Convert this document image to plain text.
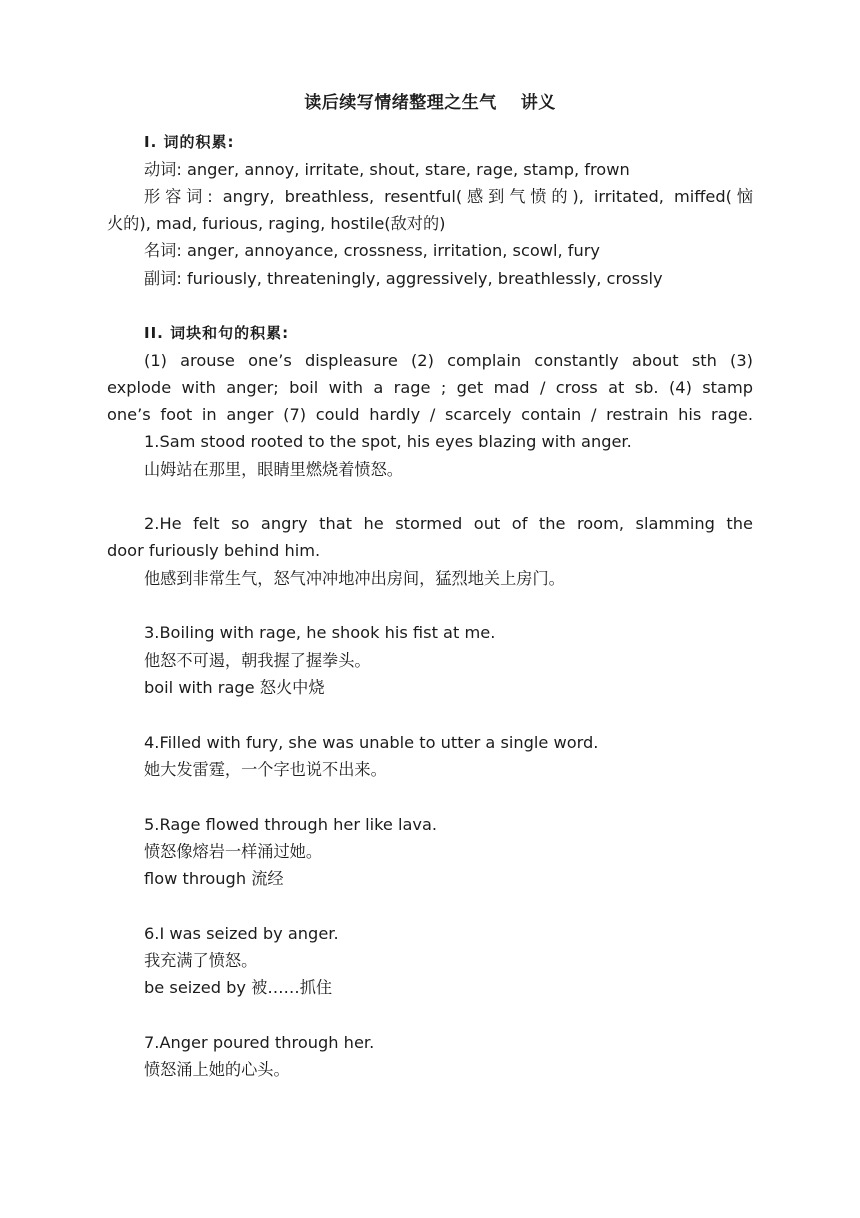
读后续写情绪整理之生气　 讲义
Ⅰ. 词的积累:
动词: anger, annoy, irritate, shout, stare, rage, stamp, frown
形容词: angry, breathless, resentful(感到气愤的), irritated, miffed(恼
火的), mad, furious, raging, hostile(敌对的)
名词: anger, annoyance, crossness, irritation, scowl, fury
副词: furiously, threateningly, aggressively, breathlessly, crossly
II. 词块和句的积累:
(1) arouse one’s displeasure (2) complain constantly about sth (3)
explode with anger; boil with a rage ; get mad / cross at sb. (4) stamp
one’s foot in anger (7) could hardly / scarcely contain / restrain his rage.
1.Sam stood rooted to the spot, his eyes blazing with anger.
山姆站在那里，眼睛里燃烧着愤怒。
2.He felt so angry that he stormed out of the room, slamming the
door furiously behind him.
他感到非常生气，怒气冲冲地冲出房间，猛烈地关上房门。
3.Boiling with rage, he shook his fist at me.
他怒不可遏，朝我握了握拳头。
boil with rage 怒火中烧
4.Filled with fury, she was unable to utter a single word.
她大发雷霆，一个字也说不出来。
5.Rage flowed through her like lava.
愤怒像熔岩一样涌过她。
flow through 流经
6.I was seized by anger.
我充满了愤怒。
be seized by 被……抓住
7.Anger poured through her.
愤怒涌上她的心头。
